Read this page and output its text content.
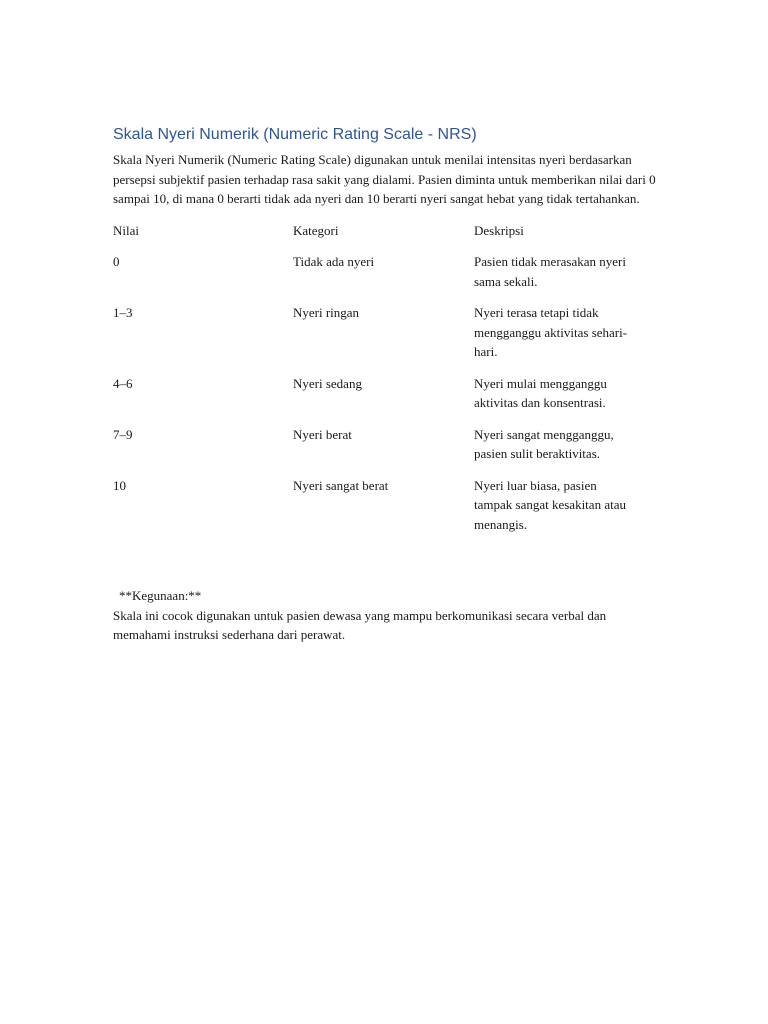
Skala Nyeri Numerik (Numeric Rating Scale - NRS)

Skala Nyeri Numerik (Numeric Rating Scale) digunakan untuk menilai intensitas nyeri berdasarkan persepsi subjektif pasien terhadap rasa sakit yang dialami. Pasien diminta untuk memberikan nilai dari 0 sampai 10, di mana 0 berarti tidak ada nyeri dan 10 berarti nyeri sangat hebat yang tidak tertahankan.

Nilai	Kategori	Deskripsi
0	Tidak ada nyeri	Pasien tidak merasakan nyeri sama sekali.

1–3	Nyeri ringan	Nyeri terasa tetapi tidak mengganggu aktivitas sehari-hari.

4–6	Nyeri sedang	Nyeri mulai mengganggu aktivitas dan konsentrasi.

7–9	Nyeri berat	Nyeri sangat mengganggu, pasien sulit beraktivitas.

10	Nyeri sangat berat	Nyeri luar biasa, pasien tampak sangat kesakitan atau menangis.

**Kegunaan:**

Skala ini cocok digunakan untuk pasien dewasa yang mampu berkomunikasi secara verbal dan memahami instruksi sederhana dari perawat.
